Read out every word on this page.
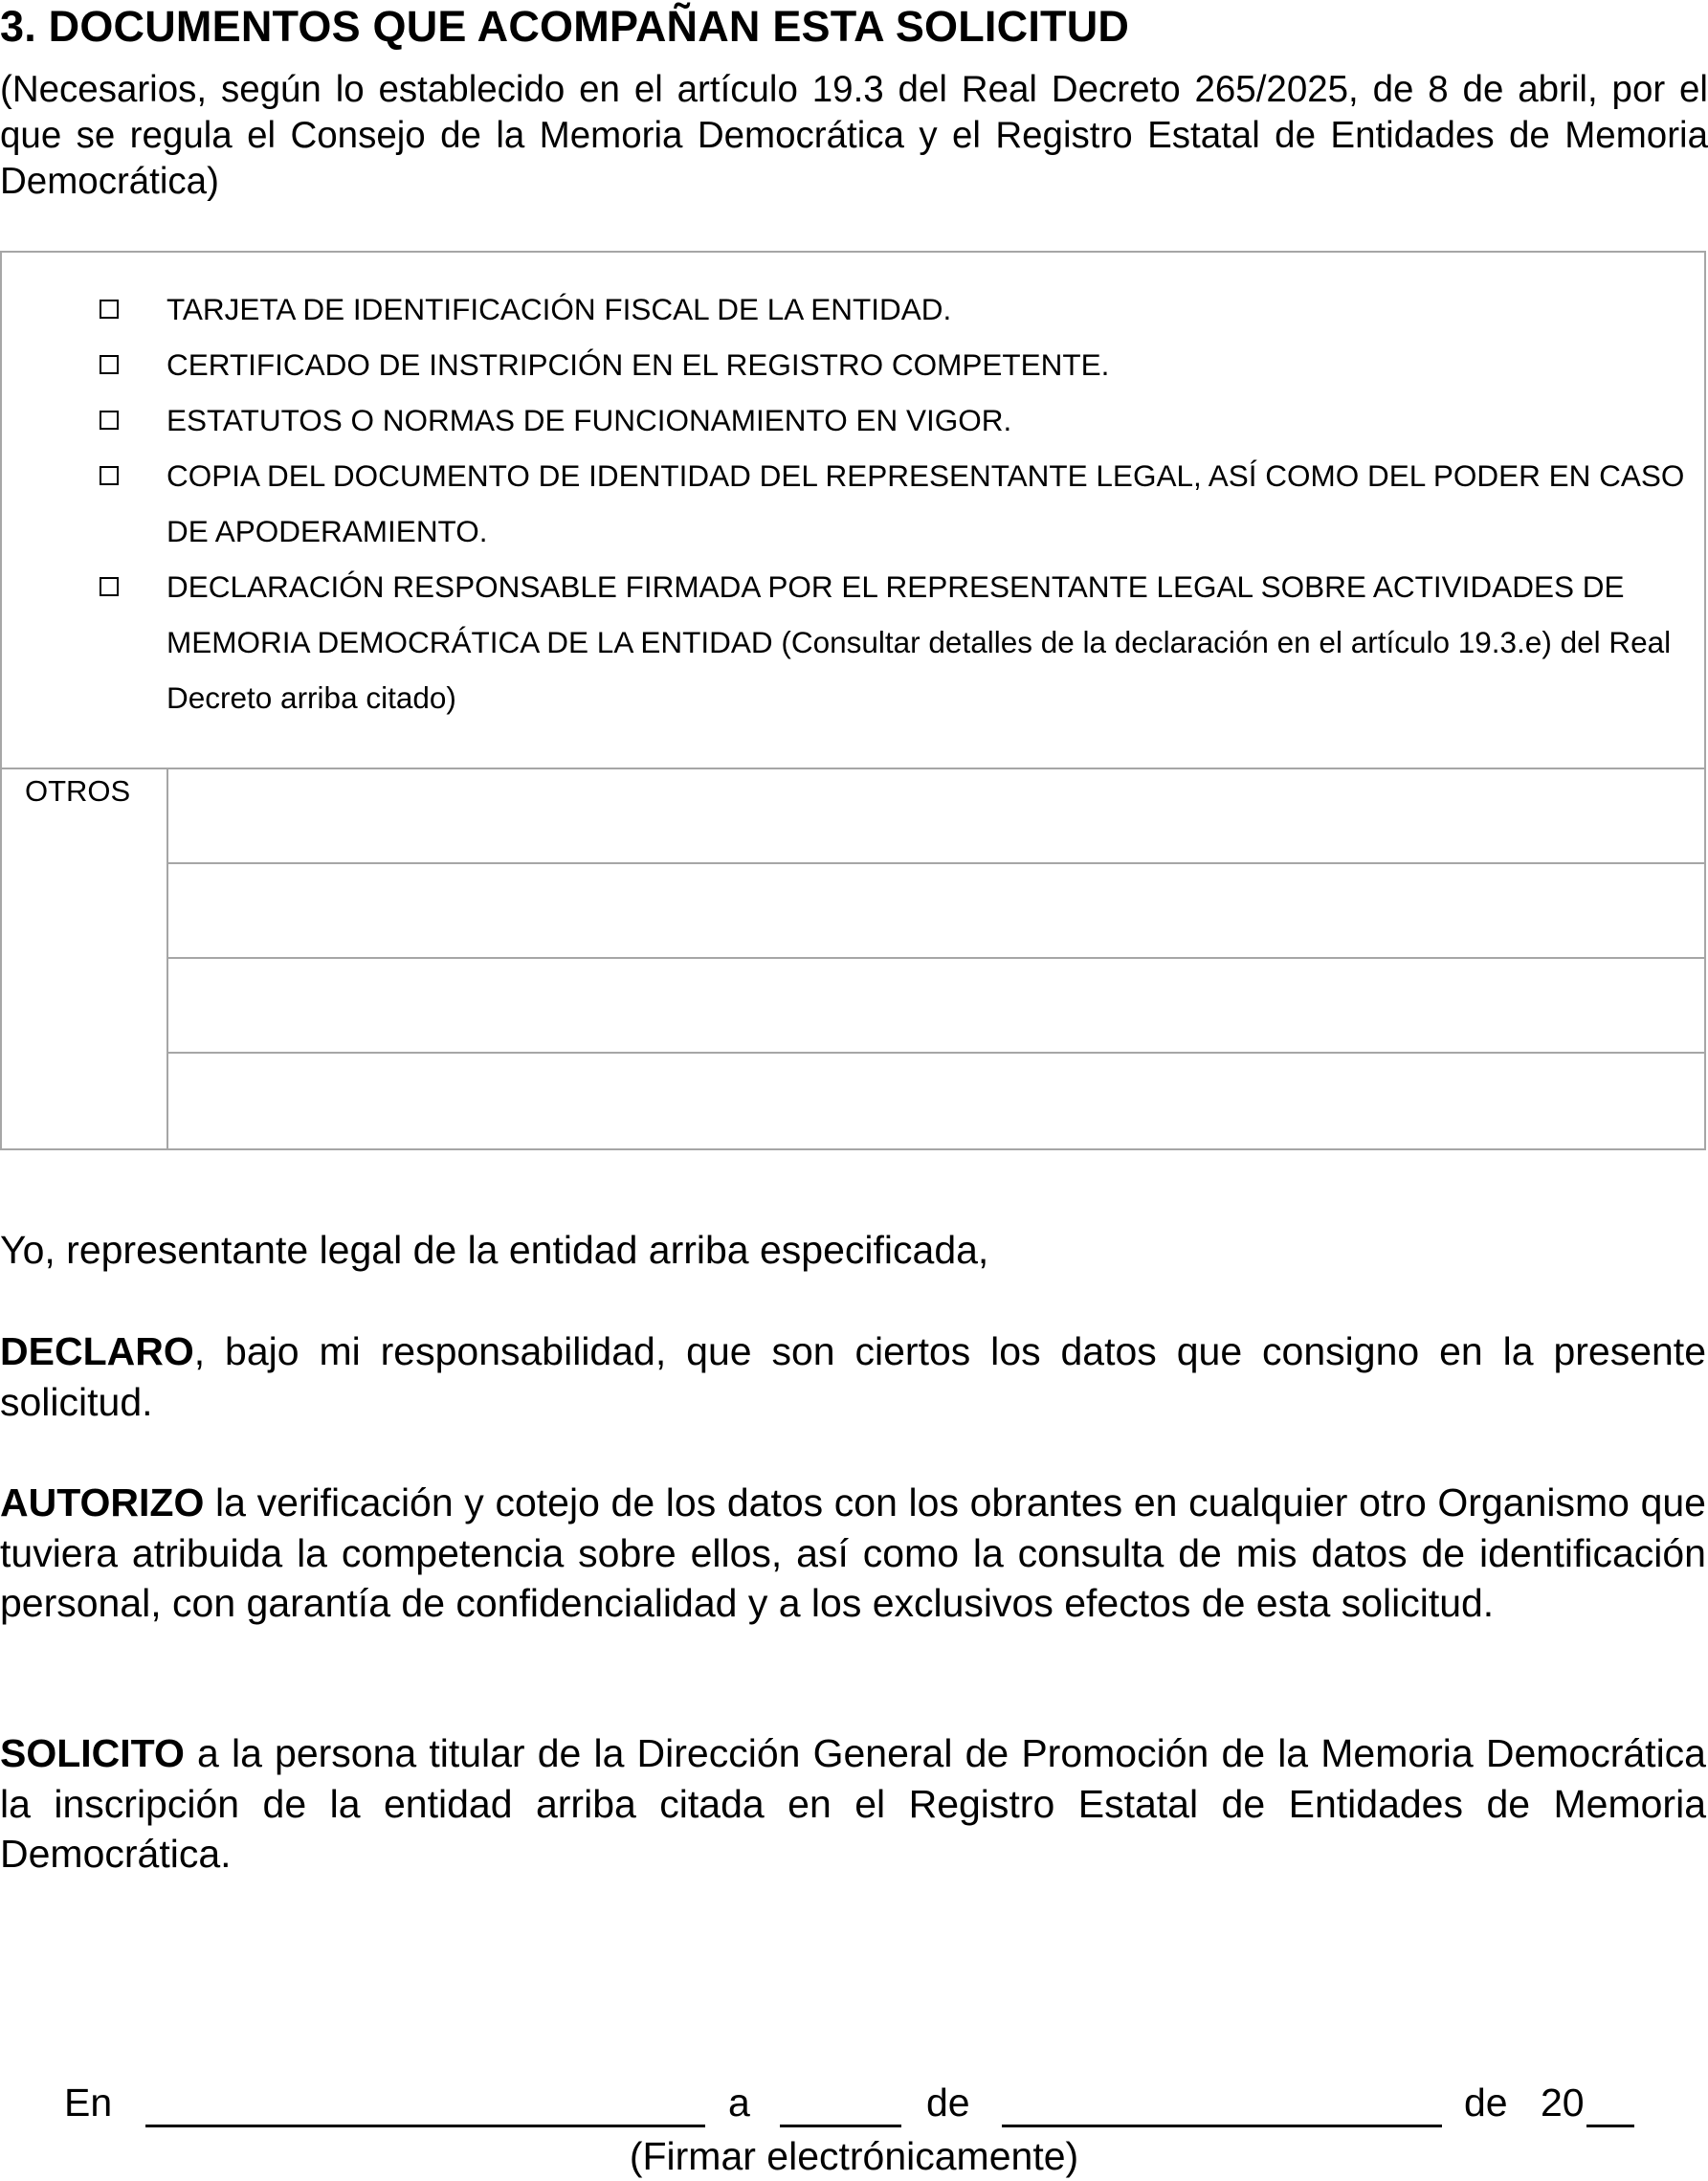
3. DOCUMENTOS QUE ACOMPAÑAN ESTA SOLICITUD
(Necesarios, según lo establecido en el artículo 19.3 del Real Decreto 265/2025, de 8 de abril, por el que se regula el Consejo de la Memoria Democrática y el Registro Estatal de Entidades de Memoria Democrática)
TARJETA DE IDENTIFICACIÓN FISCAL DE LA ENTIDAD.
CERTIFICADO DE INSTRIPCIÓN EN EL REGISTRO COMPETENTE.
ESTATUTOS O NORMAS DE FUNCIONAMIENTO EN VIGOR.
COPIA DEL DOCUMENTO DE IDENTIDAD DEL REPRESENTANTE LEGAL, ASÍ COMO DEL PODER EN CASO DE APODERAMIENTO.
DECLARACIÓN RESPONSABLE FIRMADA POR EL REPRESENTANTE LEGAL SOBRE ACTIVIDADES DE MEMORIA DEMOCRÁTICA DE LA ENTIDAD (Consultar detalles de la declaración en el artículo 19.3.e) del Real Decreto arriba citado)
OTROS
Yo, representante legal de la entidad arriba especificada,
DECLARO, bajo mi responsabilidad, que son ciertos los datos que consigno en la presente solicitud.
AUTORIZO la verificación y cotejo de los datos con los obrantes en cualquier otro Organismo que tuviera atribuida la competencia sobre ellos, así como la consulta de mis datos de identificación personal, con garantía de confidencialidad y a los exclusivos efectos de esta solicitud.
SOLICITO a la persona titular de la Dirección General de Promoción de la Memoria Democrática la inscripción de la entidad arriba citada en el Registro Estatal de Entidades de Memoria Democrática.
En	a	de	de 20
(Firmar electrónicamente)
